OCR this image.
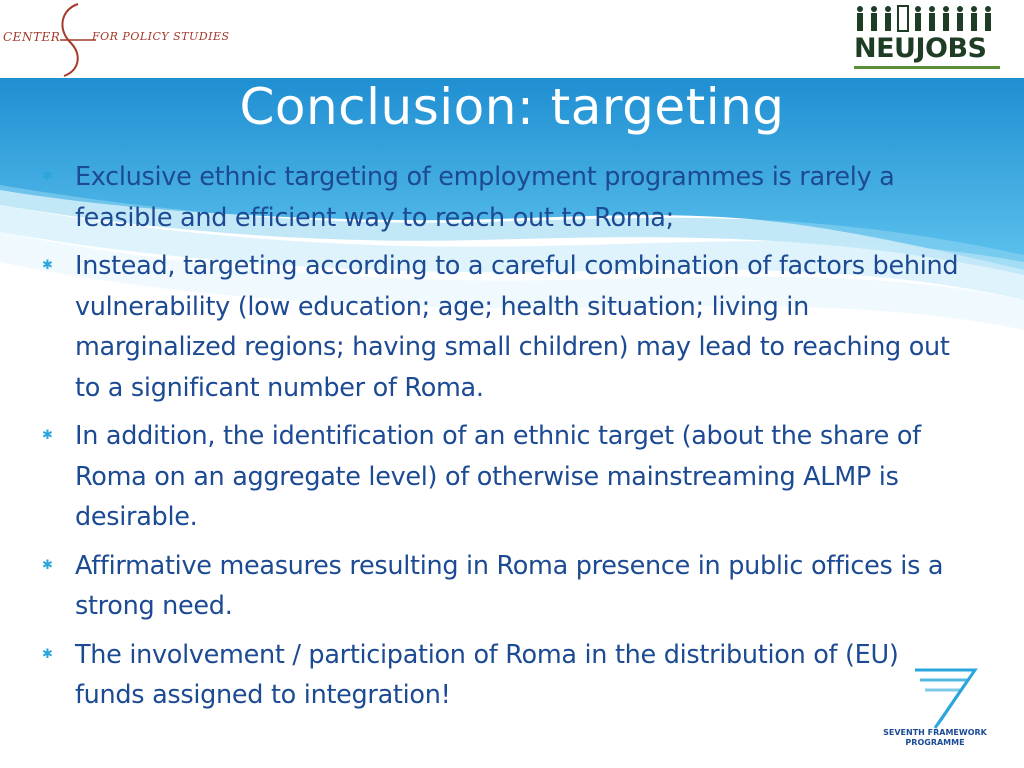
CENTER	FOR POLICY STUDIES	NEUJOBS
Conclusion: targeting
✱ Exclusive ethnic targeting of employment programmes is rarely a feasible and efficient way to reach out to Roma;
✱ Instead, targeting according to a careful combination of factors behind vulnerability (low education; age; health situation; living in marginalized regions; having small children) may lead to reaching out to a significant number of Roma.
✱ In addition, the identification of an ethnic target (about the share of Roma on an aggregate level) of otherwise mainstreaming ALMP is desirable.
✱ Affirmative measures resulting in Roma presence in public offices is a strong need.
✱ The involvement / participation of Roma in the distribution of (EU) funds assigned to integration!
SEVENTH FRAMEWORK
PROGRAMME
